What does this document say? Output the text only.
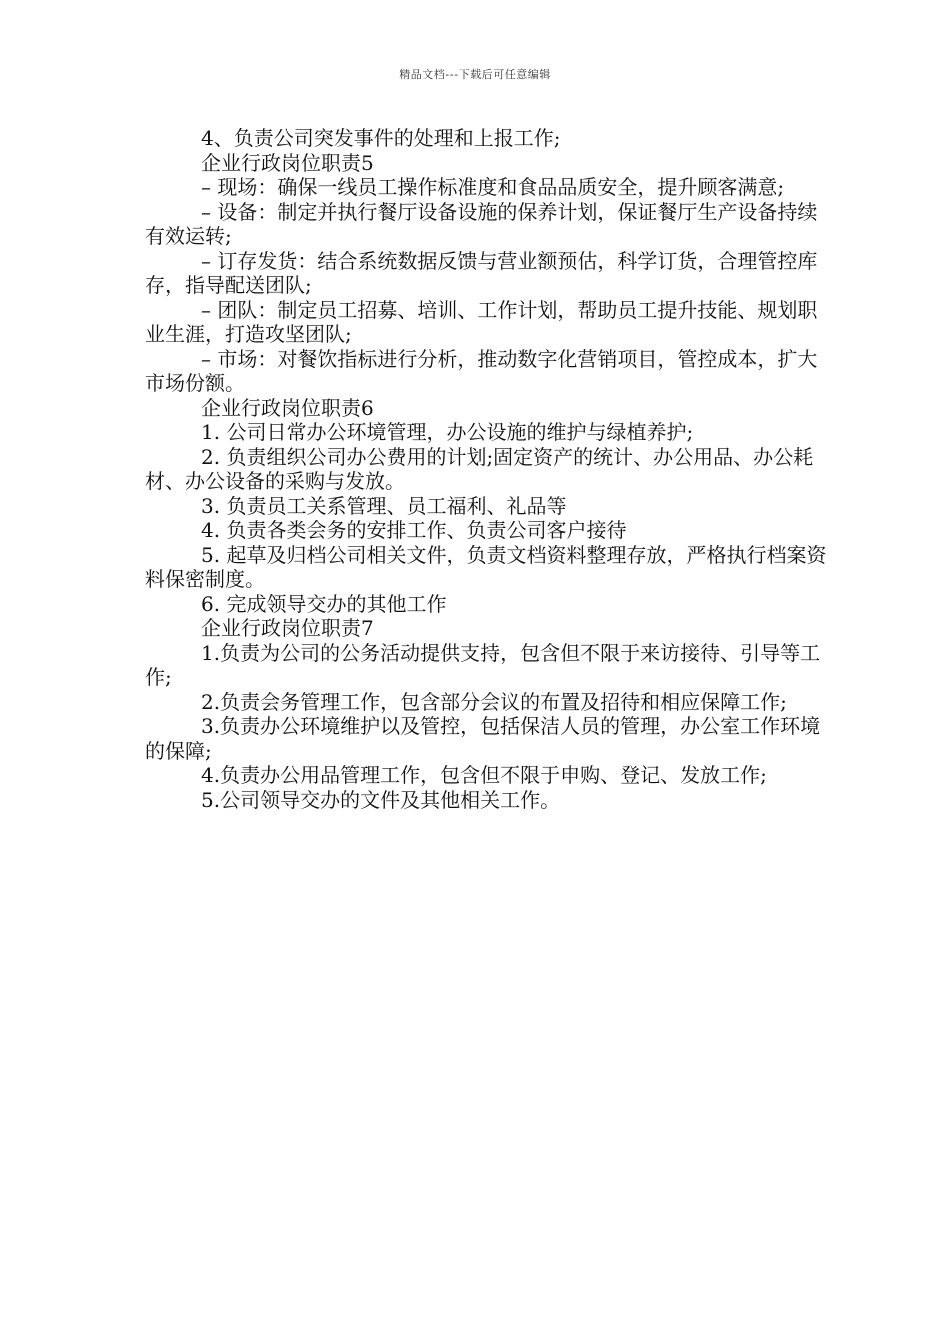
精品文档---下载后可任意编辑

4、负责公司突发事件的处理和上报工作;

企业行政岗位职责5

– 现场：确保一线员工操作标准度和食品品质安全，提升顾客满意;

– 设备：制定并执行餐厅设备设施的保养计划，保证餐厅生产设备持续有效运转;

– 订存发货：结合系统数据反馈与营业额预估，科学订货，合理管控库存，指导配送团队;

– 团队：制定员工招募、培训、工作计划，帮助员工提升技能、规划职业生涯，打造攻坚团队;

– 市场：对餐饮指标进行分析，推动数字化营销项目，管控成本，扩大市场份额。

企业行政岗位职责6

1. 公司日常办公环境管理，办公设施的维护与绿植养护;

2. 负责组织公司办公费用的计划;固定资产的统计、办公用品、办公耗材、办公设备的采购与发放。

3. 负责员工关系管理、员工福利、礼品等

4. 负责各类会务的安排工作、负责公司客户接待

5. 起草及归档公司相关文件，负责文档资料整理存放，严格执行档案资料保密制度。

6. 完成领导交办的其他工作

企业行政岗位职责7

1.负责为公司的公务活动提供支持，包含但不限于来访接待、引导等工作;

2.负责会务管理工作，包含部分会议的布置及招待和相应保障工作;

3.负责办公环境维护以及管控，包括保洁人员的管理，办公室工作环境的保障;

4.负责办公用品管理工作，包含但不限于申购、登记、发放工作;

5.公司领导交办的文件及其他相关工作。
